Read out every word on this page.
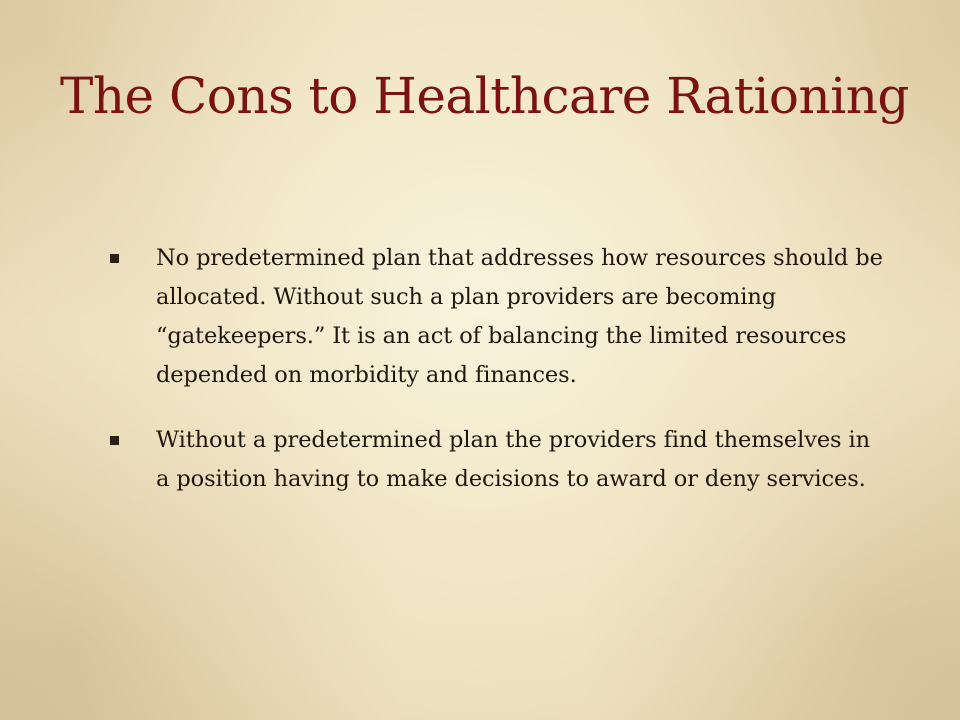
The Cons to Healthcare Rationing
No predetermined plan that addresses how resources should be allocated. Without such a plan providers are becoming “gatekeepers.” It is an act of balancing the limited resources depended on morbidity and finances.
Without a predetermined plan the providers find themselves in a position having to make decisions to award or deny services.
